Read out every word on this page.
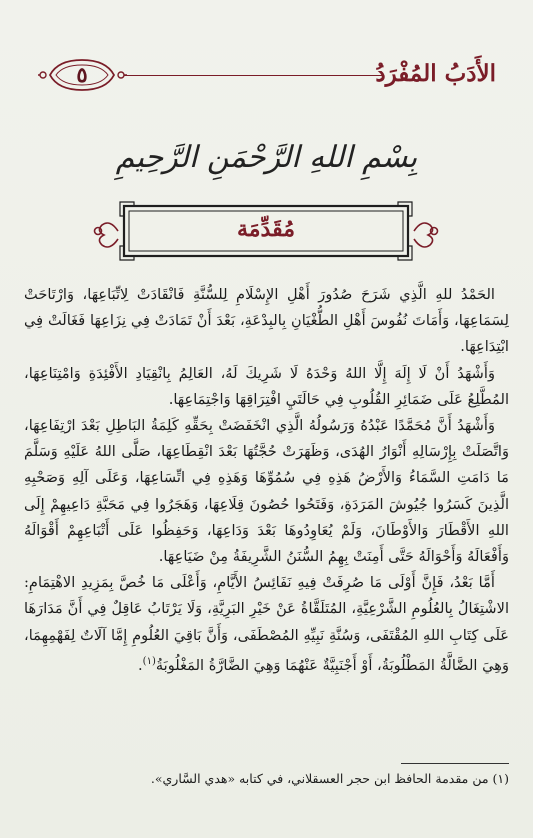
الأَدَبُ المُفْرَدُ
٥
بِسْمِ اللهِ الرَّحْمَنِ الرَّحِيمِ
مُقَدِّمَة

الحَمْدُ للهِ الَّذِي شَرَحَ صُدُورَ أَهْلِ الإِسْلَامِ لِلسُّنَّةِ فَانْقَادَتْ لِاتِّبَاعِهَا، وَارْتَاحَتْ لِسَمَاعِهَا، وَأَمَاتَ نُفُوسَ أَهْلِ الطُّغْيَانِ بِالبِدْعَةِ، بَعْدَ أَنْ تَمَادَتْ فِي نِزَاعِهَا فَغَالَتْ فِي ابْتِدَاعِهَا.

وَأَشْهَدُ أَنْ لَا إِلَهَ إِلَّا اللهُ وَحْدَهُ لَا شَرِيكَ لَهُ، العَالِمُ بِانْقِيَادِ الأَفْئِدَةِ وَامْتِنَاعِهَا، المُطَّلِعُ عَلَى ضَمَائِرِ القُلُوبِ فِي حَالَتَيِ افْتِرَاقِهَا وَاجْتِمَاعِهَا.

وَأَشْهَدُ أَنَّ مُحَمَّدًا عَبْدُهُ وَرَسُولُهُ الَّذِي انْخَفَضَتْ بِحَقِّهِ كَلِمَةُ البَاطِلِ بَعْدَ ارْتِفَاعِهَا، وَاتَّصَلَتْ بِإِرْسَالِهِ أَنْوَارُ الهُدَى، وَظَهَرَتْ حُجَّتُهَا بَعْدَ انْقِطَاعِهَا، صَلَّى اللهُ عَلَيْهِ وَسَلَّمَ مَا دَامَتِ السَّمَاءُ وَالأَرْضُ هَذِهِ فِي سُمُوِّهَا وَهَذِهِ فِي اتِّسَاعِهَا، وَعَلَى آلِهِ وَصَحْبِهِ الَّذِينَ كَسَرُوا جُيُوشَ المَرَدَةِ، وَفَتَحُوا حُصُونَ قِلَاعِهَا، وَهَجَرُوا فِي مَحَبَّةِ دَاعِيهِمْ إِلَى اللهِ الأَقْطَارَ وَالأَوْطَانَ، وَلَمْ يُعَاوِدُوهَا بَعْدَ وَدَاعِهَا، وَحَفِظُوا عَلَى أَتْبَاعِهِمْ أَقْوَالَهُ وَأَفْعَالَهُ وَأَحْوَالَهُ حَتَّى أَمِنَتْ بِهِمُ السُّنَنُ الشَّرِيفَةُ مِنْ ضَيَاعِهَا.

أَمَّا بَعْدُ، فَإِنَّ أَوْلَى مَا صُرِفَتْ فِيهِ نَفَائِسُ الأَيَّامِ، وَأَعْلَى مَا خُصَّ بِمَزِيدِ الاهْتِمَامِ: الاشْتِغَالُ بِالعُلُومِ الشَّرْعِيَّةِ، المُتَلَقَّاةُ عَنْ خَيْرِ البَرِيَّةِ، وَلَا يَرْتَابُ عَاقِلٌ فِي أَنَّ مَدَارَهَا عَلَى كِتَابِ اللهِ المُقْتَفَى، وَسُنَّةِ نَبِيِّهِ المُصْطَفَى، وَأَنَّ بَاقِيَ العُلُومِ إِمَّا آلَاتٌ لِفَهْمِهِمَا، وَهِيَ الضَّالَّةُ المَطْلُوبَةُ، أَوْ أَجْنَبِيَّةٌ عَنْهُمَا وَهِيَ الضَّارَّةُ المَغْلُوبَةُ$^{(١)}$.

(١) من مقدمة الحافظ ابن حجر العسقلاني، في كتابه «هدي السَّاري».
